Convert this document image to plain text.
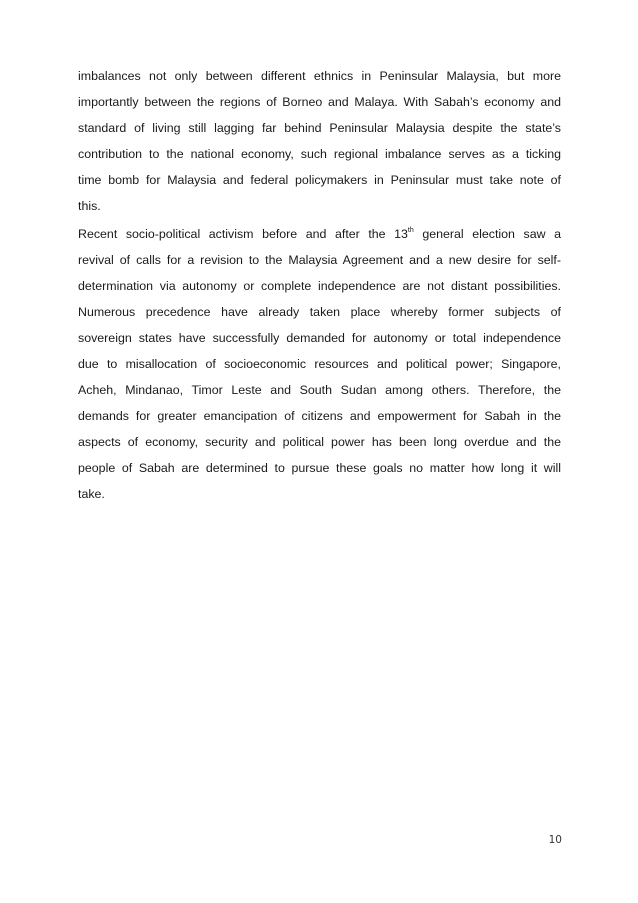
imbalances not only between different ethnics in Peninsular Malaysia, but more
importantly between the regions of Borneo and Malaya. With Sabah’s economy and
standard of living still lagging far behind Peninsular Malaysia despite the state’s
contribution to the national economy, such regional imbalance serves as a ticking
time bomb for Malaysia and federal policymakers in Peninsular must take note of
this.
Recent socio-political activism before and after the 13th general election saw a
revival of calls for a revision to the Malaysia Agreement and a new desire for self-
determination via autonomy or complete independence are not distant possibilities.
Numerous precedence have already taken place whereby former subjects of
sovereign states have successfully demanded for autonomy or total independence
due to misallocation of socioeconomic resources and political power; Singapore,
Acheh, Mindanao, Timor Leste and South Sudan among others. Therefore, the
demands for greater emancipation of citizens and empowerment for Sabah in the
aspects of economy, security and political power has been long overdue and the
people of Sabah are determined to pursue these goals no matter how long it will
take.
10
